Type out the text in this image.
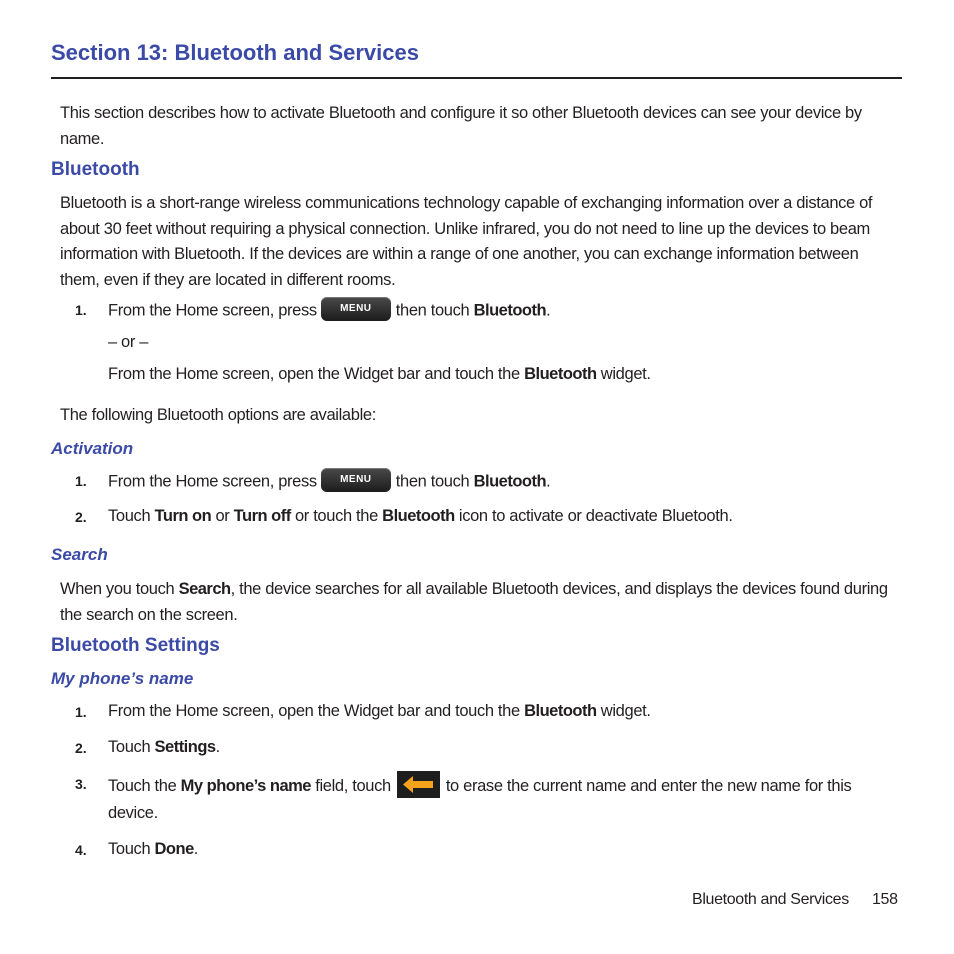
Section 13: Bluetooth and Services
This section describes how to activate Bluetooth and configure it so other Bluetooth devices can see your device by name.
Bluetooth
Bluetooth is a short-range wireless communications technology capable of exchanging information over a distance of about 30 feet without requiring a physical connection. Unlike infrared, you do not need to line up the devices to beam information with Bluetooth. If the devices are within a range of one another, you can exchange information between them, even if they are located in different rooms.
1. From the Home screen, press MENU then touch Bluetooth.
– or –
From the Home screen, open the Widget bar and touch the Bluetooth widget.
The following Bluetooth options are available:
Activation
1. From the Home screen, press MENU then touch Bluetooth.
2. Touch Turn on or Turn off or touch the Bluetooth icon to activate or deactivate Bluetooth.
Search
When you touch Search, the device searches for all available Bluetooth devices, and displays the devices found during the search on the screen.
Bluetooth Settings
My phone’s name
1. From the Home screen, open the Widget bar and touch the Bluetooth widget.
2. Touch Settings.
3. Touch the My phone’s name field, touch	to erase the current name and enter the new name for this
device.
4. Touch Done.
Bluetooth and Services 158
